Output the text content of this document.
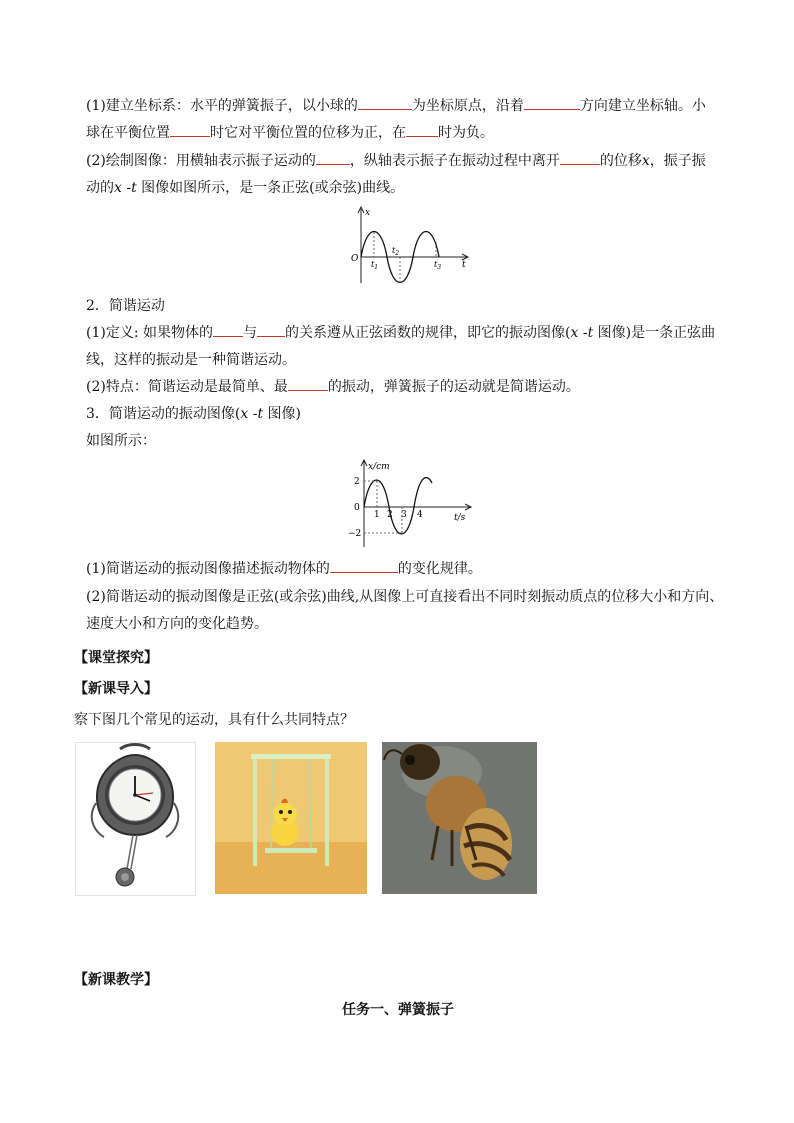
(1)建立坐标系：水平的弹簧振子，以小球的	为坐标原点，沿着	方向建立坐标轴。小
球在平衡位置	时它对平衡位置的位移为正，在 时为负。
(2)绘制图像：用横轴表示振子运动的 ，纵轴表示振子在振动过程中离开	的位移x，振子振
动的x -t 图像如图所示，是一条正弦(或余弦)曲线。
x
t
O
$t_1$
$t_2$
$t_3$
2．简谐运动
(1)定义: 如果物体的 与 的关系遵从正弦函数的规律，即它的振动图像(x -t 图像)是一条正弦曲
线，这样的振动是一种简谐运动。
(2)特点：简谐运动是最简单、最	的振动，弹簧振子的运动就是简谐运动。
3．简谐运动的振动图像(x -t 图像)
如图所示：
x/cm
t/s
2
0
−2
1 2 3 4
(1)简谐运动的振动图像描述振动物体的	的变化规律。
(2)简谐运动的振动图像是正弦(或余弦)曲线,从图像上可直接看出不同时刻振动质点的位移大小和方向、
速度大小和方向的变化趋势。
【课堂探究】
【新课导入】
察下图几个常见的运动，具有什么共同特点？
【新课教学】
任务一、弹簧振子
